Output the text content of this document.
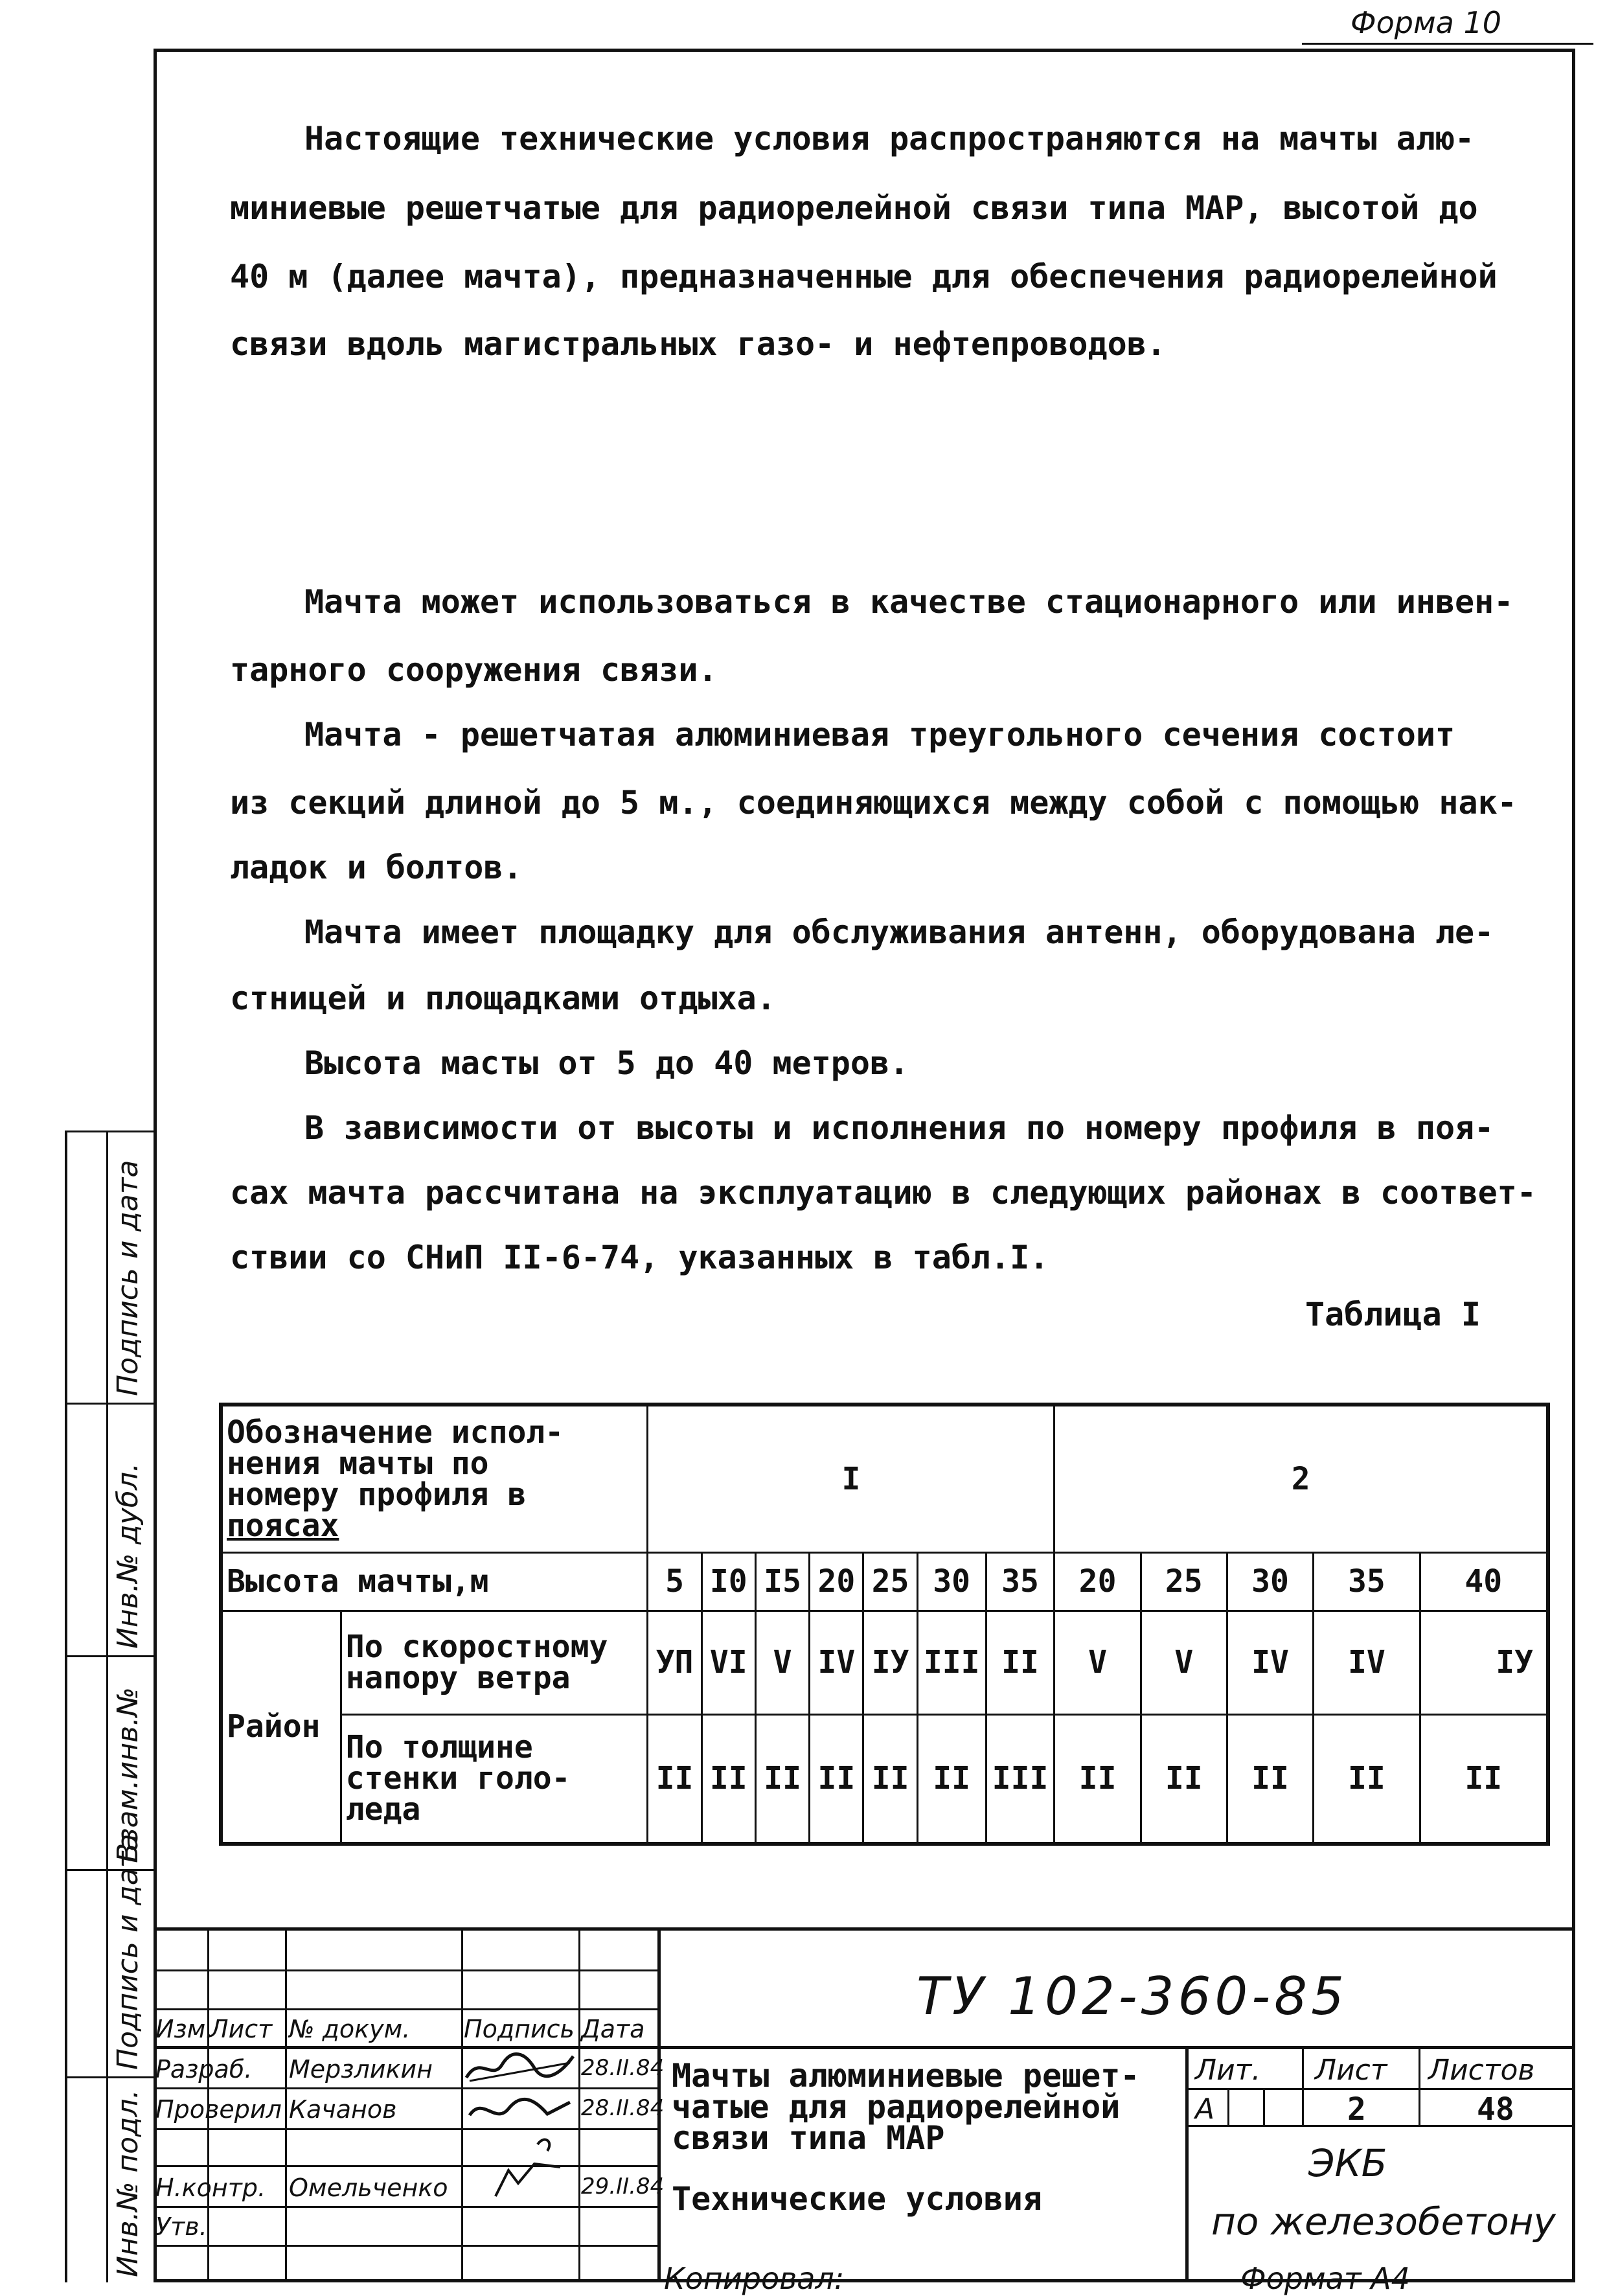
Форма 10
Настоящие технические условия распространяются на мачты алю-
миниевые решетчатые для радиорелейной связи типа МАР, высотой до
40 м (далее мачта), предназначенные для обеспечения радиорелейной
связи вдоль магистральных газо- и нефтепроводов.
Мачта может использоваться в качестве стационарного или инвен-
тарного сооружения связи.
Мачта - решетчатая алюминиевая треугольного сечения состоит
из секций длиной до 5 м., соединяющихся между собой с помощью нак-
ладок и болтов.
Мачта имеет площадку для обслуживания антенн, оборудована ле-
стницей и площадками отдыха.
Высота масты от 5 до 40 метров.
В зависимости от высоты и исполнения по номеру профиля в поя-
сах мачта рассчитана на эксплуатацию в следующих районах в соответ-
ствии со СНиП II-6-74, указанных в табл.I.
Таблица I
Обозначение испол-
нения мачты по
номеру профиля в
поясах		I							2				
Высота мачты,м		5	I0	I5	20	25	30	35	20	25	30	35	40
Район	По скоростному
напору ветра	УП	VI	V	IV	IУ	III	II	V	V	IV	IV	IУ

	По толщине
стенки голо-
леда	II	II	II	II	II	II	III	II	II	II	II	II
Подпись и дата
Инв.№ дубл.
Взам.инв.№
Подпись и дата
Инв.№ подл.
Изм.
Лист № докум. Подпись Дата
Разраб. Мерзликин	28.II.84
Проверил Качанов	28.II.84
Н.контр. Омельченко	29.II.84
Утв.
ТУ 102-360-85
Мачты алюминиевые решет-
чатые для радиорелейной
связи типа МАР
Технические условия
Лит. Лист Листов
А	2	48
ЭКБ
по железобетону
Копировал:	Формат А4
